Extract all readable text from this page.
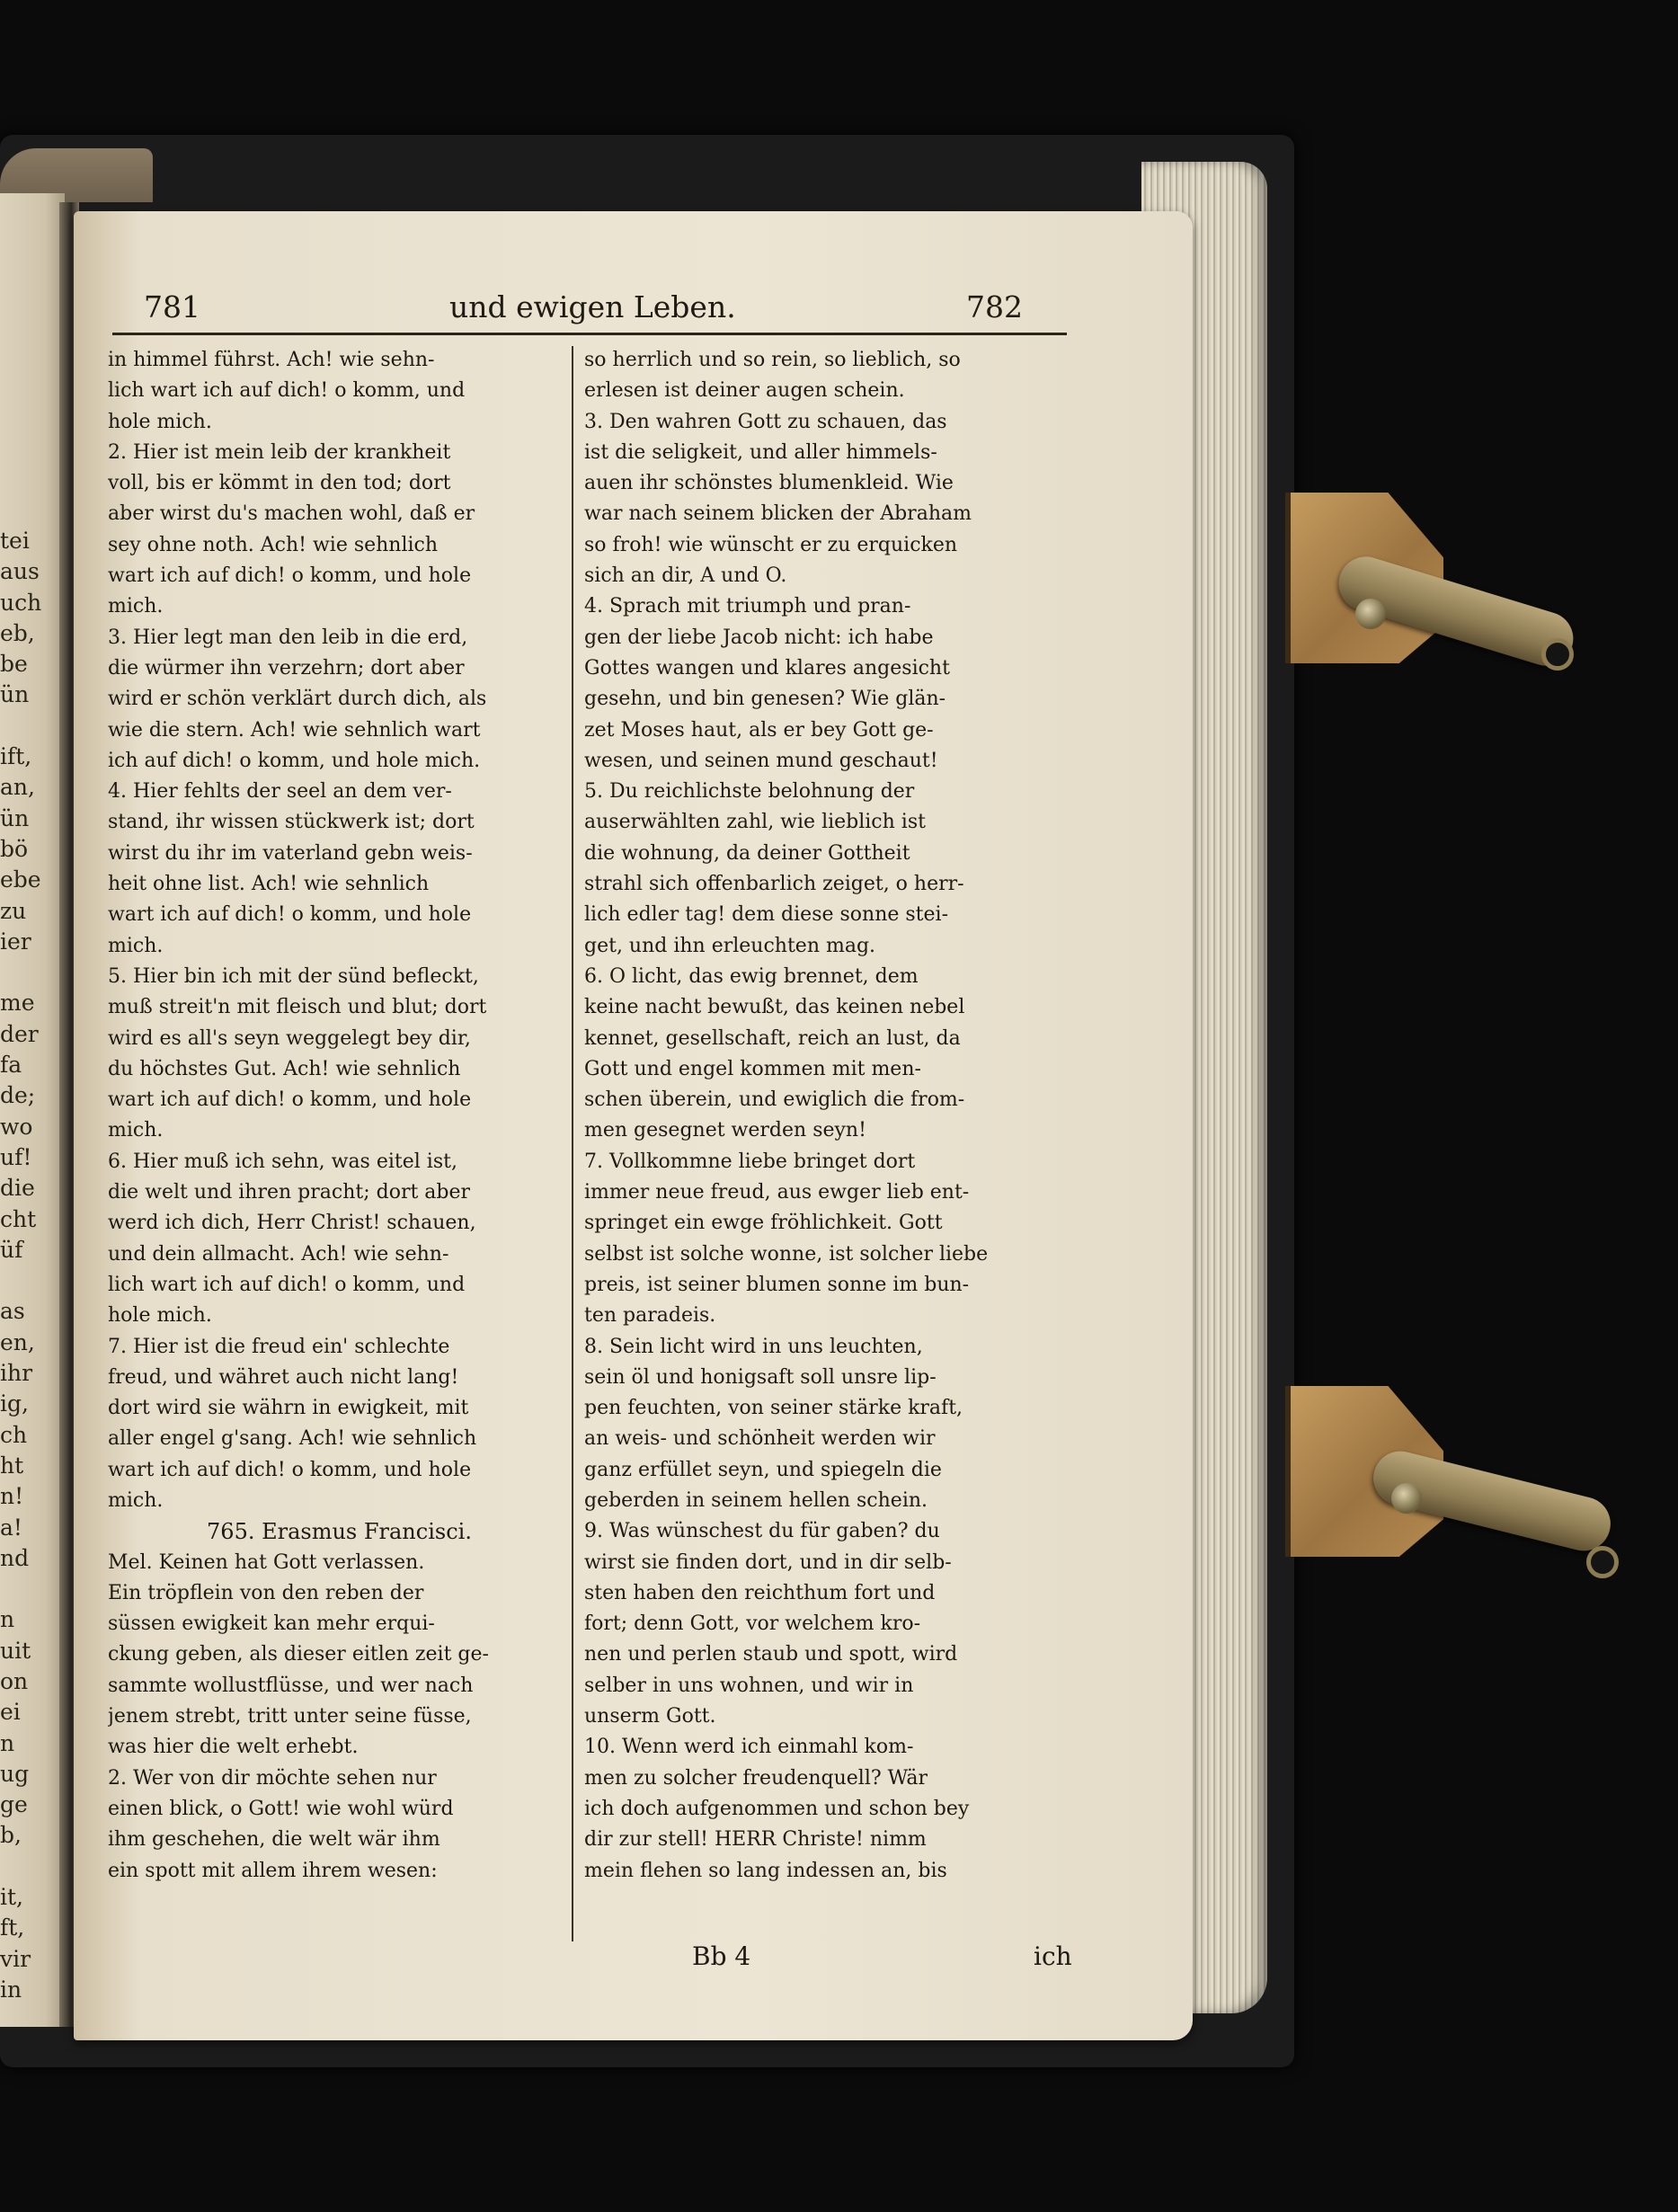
tei
aus
uch
eb,
be
ün
ift,
an,
ün
bö
ebe
zu
ier
me
der
fa
de;
wo
uf!
die
cht
üf
as
en,
ihr
ig,
ch
ht
n!
a!
nd
n
uit
on
ei
n
ug
ge
b,
it,
ft,
vir
in
781	und ewigen Leben.	782
in himmel führst. Ach! wie sehn-
lich wart ich auf dich! o komm, und
hole mich.
2. Hier ist mein leib der krankheit
voll, bis er kömmt in den tod; dort
aber wirst du's machen wohl, daß er
sey ohne noth. Ach! wie sehnlich
wart ich auf dich! o komm, und hole
mich.
3. Hier legt man den leib in die erd,
die würmer ihn verzehrn; dort aber
wird er schön verklärt durch dich, als
wie die stern. Ach! wie sehnlich wart
ich auf dich! o komm, und hole mich.
4. Hier fehlts der seel an dem ver-
stand, ihr wissen stückwerk ist; dort
wirst du ihr im vaterland gebn weis-
heit ohne list. Ach! wie sehnlich
wart ich auf dich! o komm, und hole
mich.
5. Hier bin ich mit der sünd befleckt,
muß streit'n mit fleisch und blut; dort
wird es all's seyn weggelegt bey dir,
du höchstes Gut. Ach! wie sehnlich
wart ich auf dich! o komm, und hole
mich.
6. Hier muß ich sehn, was eitel ist,
die welt und ihren pracht; dort aber
werd ich dich, Herr Christ! schauen,
und dein allmacht. Ach! wie sehn-
lich wart ich auf dich! o komm, und
hole mich.
7. Hier ist die freud ein' schlechte
freud, und währet auch nicht lang!
dort wird sie währn in ewigkeit, mit
aller engel g'sang. Ach! wie sehnlich
wart ich auf dich! o komm, und hole
mich.
765. Erasmus Francisci.
Mel. Keinen hat Gott verlassen.
Ein tröpflein von den reben der
süssen ewigkeit kan mehr erqui-
ckung geben, als dieser eitlen zeit ge-
sammte wollustflüsse, und wer nach
jenem strebt, tritt unter seine füsse,
was hier die welt erhebt.
2. Wer von dir möchte sehen nur
einen blick, o Gott! wie wohl würd
ihm geschehen, die welt wär ihm
ein spott mit allem ihrem wesen:
so herrlich und so rein, so lieblich, so
erlesen ist deiner augen schein.
3. Den wahren Gott zu schauen, das
ist die seligkeit, und aller himmels-
auen ihr schönstes blumenkleid. Wie
war nach seinem blicken der Abraham
so froh! wie wünscht er zu erquicken
sich an dir, A und O.
4. Sprach mit triumph und pran-
gen der liebe Jacob nicht: ich habe
Gottes wangen und klares angesicht
gesehn, und bin genesen? Wie glän-
zet Moses haut, als er bey Gott ge-
wesen, und seinen mund geschaut!
5. Du reichlichste belohnung der
auserwählten zahl, wie lieblich ist
die wohnung, da deiner Gottheit
strahl sich offenbarlich zeiget, o herr-
lich edler tag! dem diese sonne stei-
get, und ihn erleuchten mag.
6. O licht, das ewig brennet, dem
keine nacht bewußt, das keinen nebel
kennet, gesellschaft, reich an lust, da
Gott und engel kommen mit men-
schen überein, und ewiglich die from-
men gesegnet werden seyn!
7. Vollkommne liebe bringet dort
immer neue freud, aus ewger lieb ent-
springet ein ewge fröhlichkeit. Gott
selbst ist solche wonne, ist solcher liebe
preis, ist seiner blumen sonne im bun-
ten paradeis.
8. Sein licht wird in uns leuchten,
sein öl und honigsaft soll unsre lip-
pen feuchten, von seiner stärke kraft,
an weis- und schönheit werden wir
ganz erfüllet seyn, und spiegeln die
geberden in seinem hellen schein.
9. Was wünschest du für gaben? du
wirst sie finden dort, und in dir selb-
sten haben den reichthum fort und
fort; denn Gott, vor welchem kro-
nen und perlen staub und spott, wird
selber in uns wohnen, und wir in
unserm Gott.
10. Wenn werd ich einmahl kom-
men zu solcher freudenquell? Wär
ich doch aufgenommen und schon bey
dir zur stell! HERR Christe! nimm
mein flehen so lang indessen an, bis
Bb 4	ich
